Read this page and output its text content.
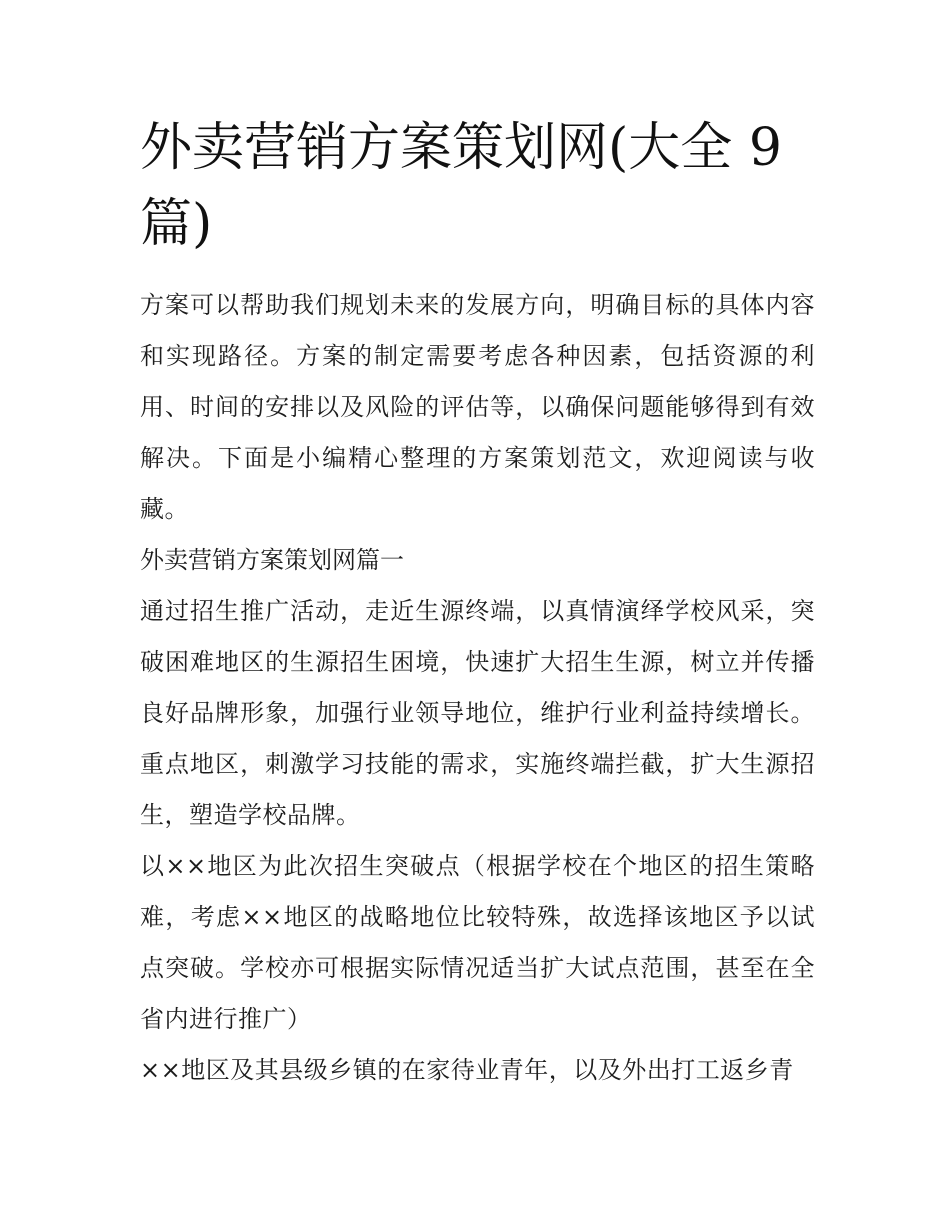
外卖营销方案策划网(大全 9 篇)

方案可以帮助我们规划未来的发展方向，明确目标的具体内容和实现路径。方案的制定需要考虑各种因素，包括资源的利用、时间的安排以及风险的评估等，以确保问题能够得到有效解决。下面是小编精心整理的方案策划范文，欢迎阅读与收藏。

外卖营销方案策划网篇一

通过招生推广活动，走近生源终端，以真情演绎学校风采，突破困难地区的生源招生困境，快速扩大招生生源，树立并传播良好品牌形象，加强行业领导地位，维护行业利益持续增长。重点地区，刺激学习技能的需求，实施终端拦截，扩大生源招生，塑造学校品牌。

以××地区为此次招生突破点（根据学校在个地区的招生策略难，考虑××地区的战略地位比较特殊，故选择该地区予以试点突破。学校亦可根据实际情况适当扩大试点范围，甚至在全省内进行推广）

××地区及其县级乡镇的在家待业青年，以及外出打工返乡青
